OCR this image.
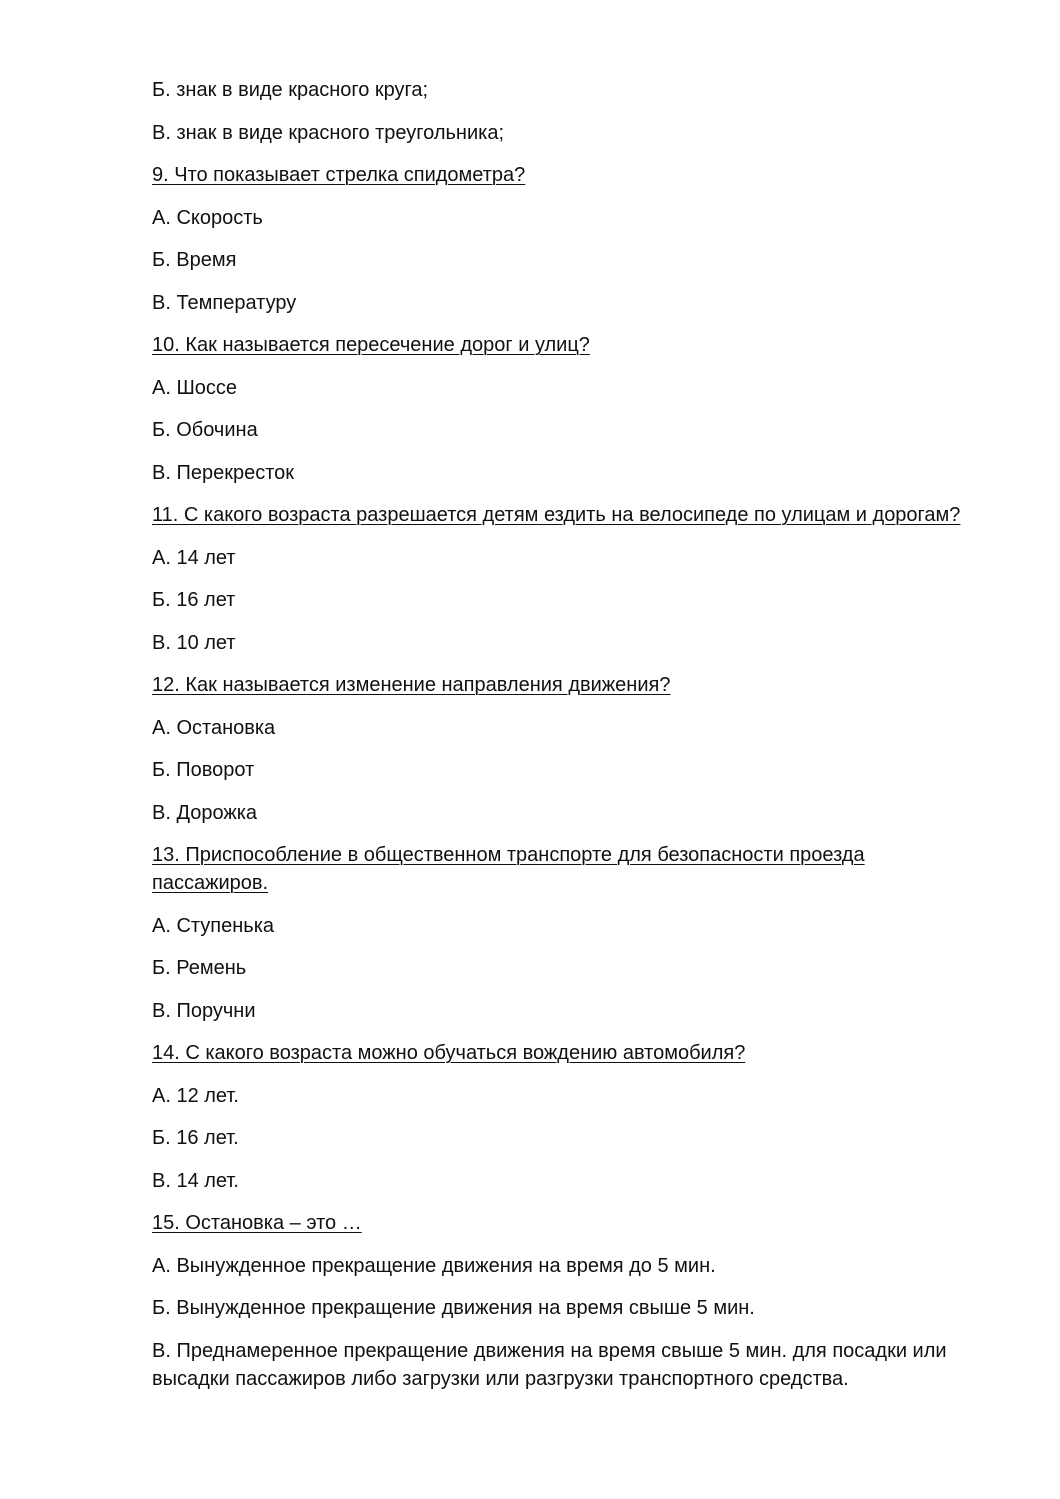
Б. знак в виде красного круга;

В. знак в виде красного треугольника;

9. Что показывает стрелка спидометра?

А. Скорость

Б. Время

В. Температуру

10. Как называется пересечение дорог и улиц?

А. Шоссе

Б. Обочина

В. Перекресток

11. С какого возраста разрешается детям ездить на велосипеде по улицам и дорогам?

А. 14 лет

Б. 16 лет

В. 10 лет

12. Как называется изменение направления движения?

А. Остановка

Б. Поворот

В. Дорожка

13. Приспособление в общественном транспорте для безопасности проезда пассажиров.

А. Ступенька

Б. Ремень

В. Поручни

14. С какого возраста можно обучаться вождению автомобиля?

А. 12 лет.

Б. 16 лет.

В. 14 лет.

15. Остановка – это …

А. Вынужденное прекращение движения на время до 5 мин.

Б. Вынужденное прекращение движения на время свыше 5 мин.

В. Преднамеренное прекращение движения на время свыше 5 мин. для посадки или высадки пассажиров либо загрузки или разгрузки транспортного средства.
